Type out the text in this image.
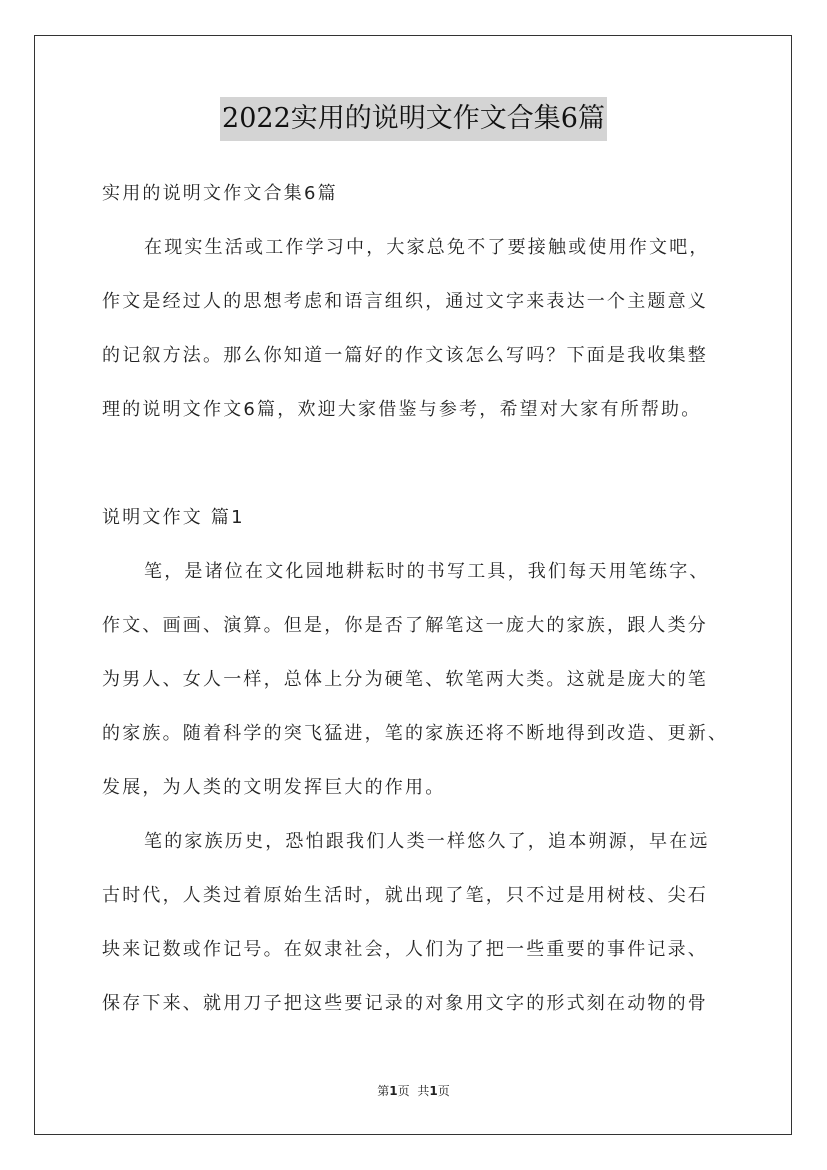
2022实用的说明文作文合集6篇
实用的说明文作文合集6篇
在现实生活或工作学习中，大家总免不了要接触或使用作文吧，
作文是经过人的思想考虑和语言组织，通过文字来表达一个主题意义
的记叙方法。那么你知道一篇好的作文该怎么写吗？下面是我收集整
理的说明文作文6篇，欢迎大家借鉴与参考，希望对大家有所帮助。
说明文作文 篇1
笔，是诸位在文化园地耕耘时的书写工具，我们每天用笔练字、
作文、画画、演算。但是，你是否了解笔这一庞大的家族，跟人类分
为男人、女人一样，总体上分为硬笔、软笔两大类。这就是庞大的笔
的家族。随着科学的突飞猛进，笔的家族还将不断地得到改造、更新、
发展，为人类的文明发挥巨大的作用。
笔的家族历史，恐怕跟我们人类一样悠久了，追本朔源，早在远
古时代，人类过着原始生活时，就出现了笔，只不过是用树枝、尖石
块来记数或作记号。在奴隶社会，人们为了把一些重要的事件记录、
保存下来、就用刀子把这些要记录的对象用文字的形式刻在动物的骨
第1页 共1页
